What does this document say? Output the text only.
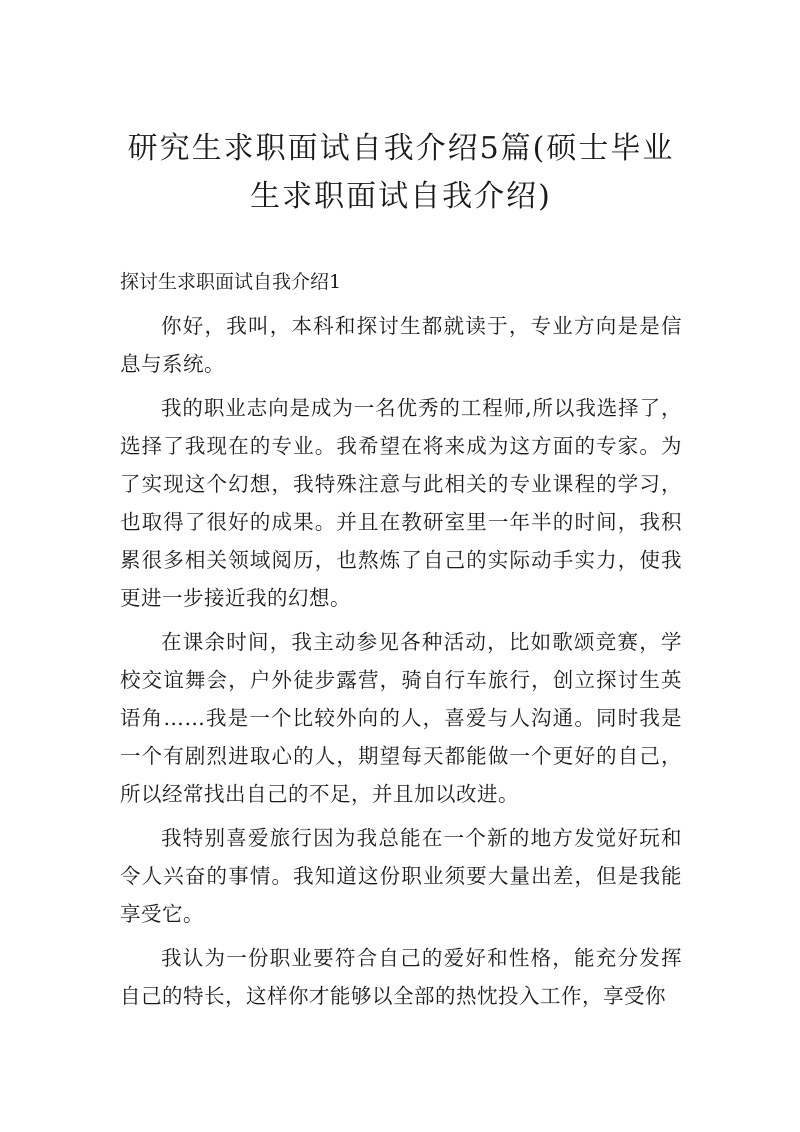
研究生求职面试自我介绍5篇(硕士毕业生求职面试自我介绍)
探讨生求职面试自我介绍1

你好，我叫，本科和探讨生都就读于，专业方向是是信息与系统。

我的职业志向是成为一名优秀的工程师,所以我选择了，选择了我现在的专业。我希望在将来成为这方面的专家。为了实现这个幻想，我特殊注意与此相关的专业课程的学习，也取得了很好的成果。并且在教研室里一年半的时间，我积累很多相关领域阅历，也熬炼了自己的实际动手实力，使我更进一步接近我的幻想。

在课余时间，我主动参见各种活动，比如歌颂竞赛，学校交谊舞会，户外徒步露营，骑自行车旅行，创立探讨生英语角……我是一个比较外向的人，喜爱与人沟通。同时我是一个有剧烈进取心的人，期望每天都能做一个更好的自己，所以经常找出自己的不足，并且加以改进。

我特别喜爱旅行因为我总能在一个新的地方发觉好玩和令人兴奋的事情。我知道这份职业须要大量出差，但是我能享受它。

我认为一份职业要符合自己的爱好和性格，能充分发挥自己的特长，这样你才能够以全部的热忱投入工作，享受你
